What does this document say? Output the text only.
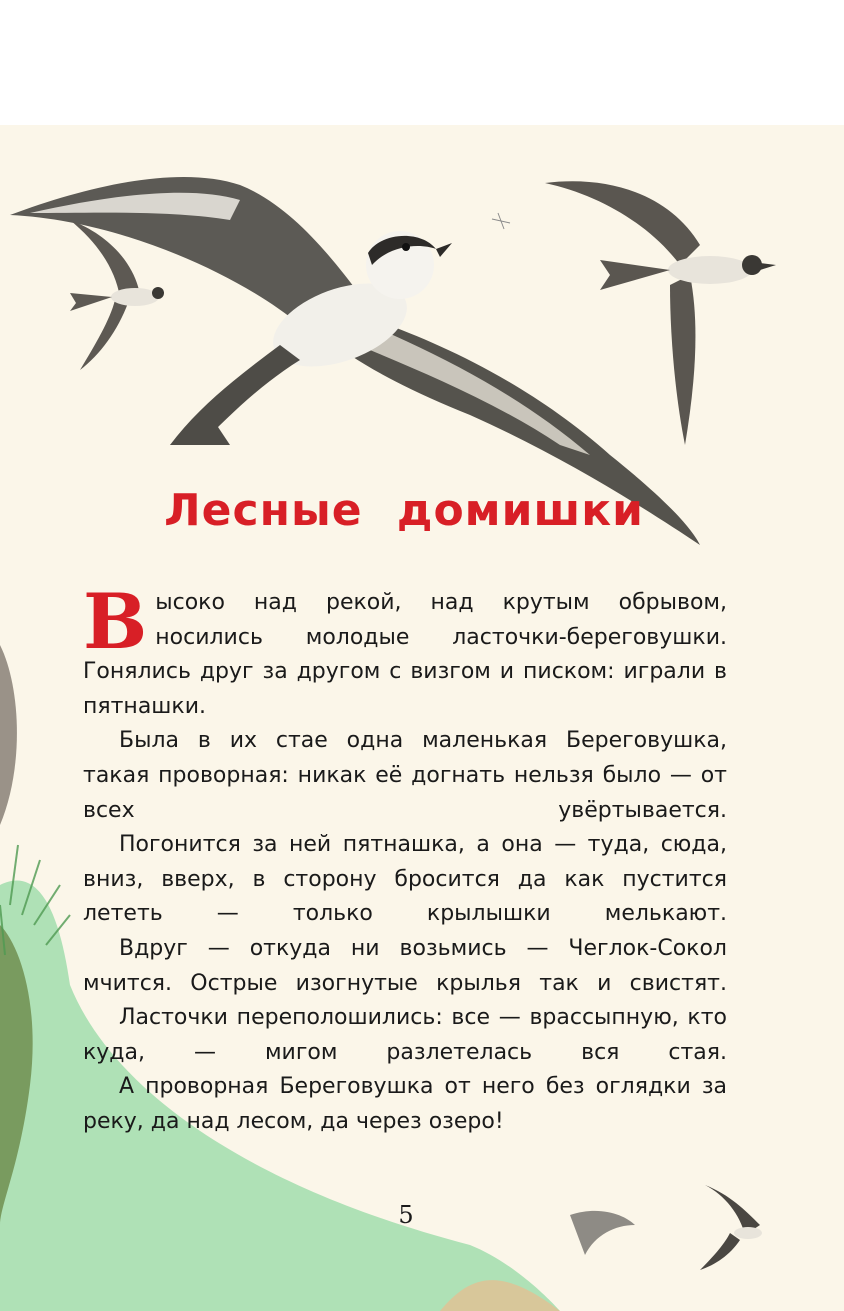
Лесные домишки

Высоко над рекой, над крутым обрывом, носились молодые ласточки-береговушки. Гонялись друг за другом с визгом и писком: играли в пятнашки.

Была в их стае одна маленькая Береговушка, такая проворная: никак её догнать нельзя было — от всех увёртывается.

Погонится за ней пятнашка, а она — туда, сюда, вниз, вверх, в сторону бросится да как пустится лететь — только крылышки мелькают.

Вдруг — откуда ни возьмись — Чеглок-Сокол мчится. Острые изогнутые крылья так и свистят.

Ласточки переполошились: все — врассыпную, кто куда, — мигом разлетелась вся стая.

А проворная Береговушка от него без оглядки за реку, да над лесом, да через озеро!

5
